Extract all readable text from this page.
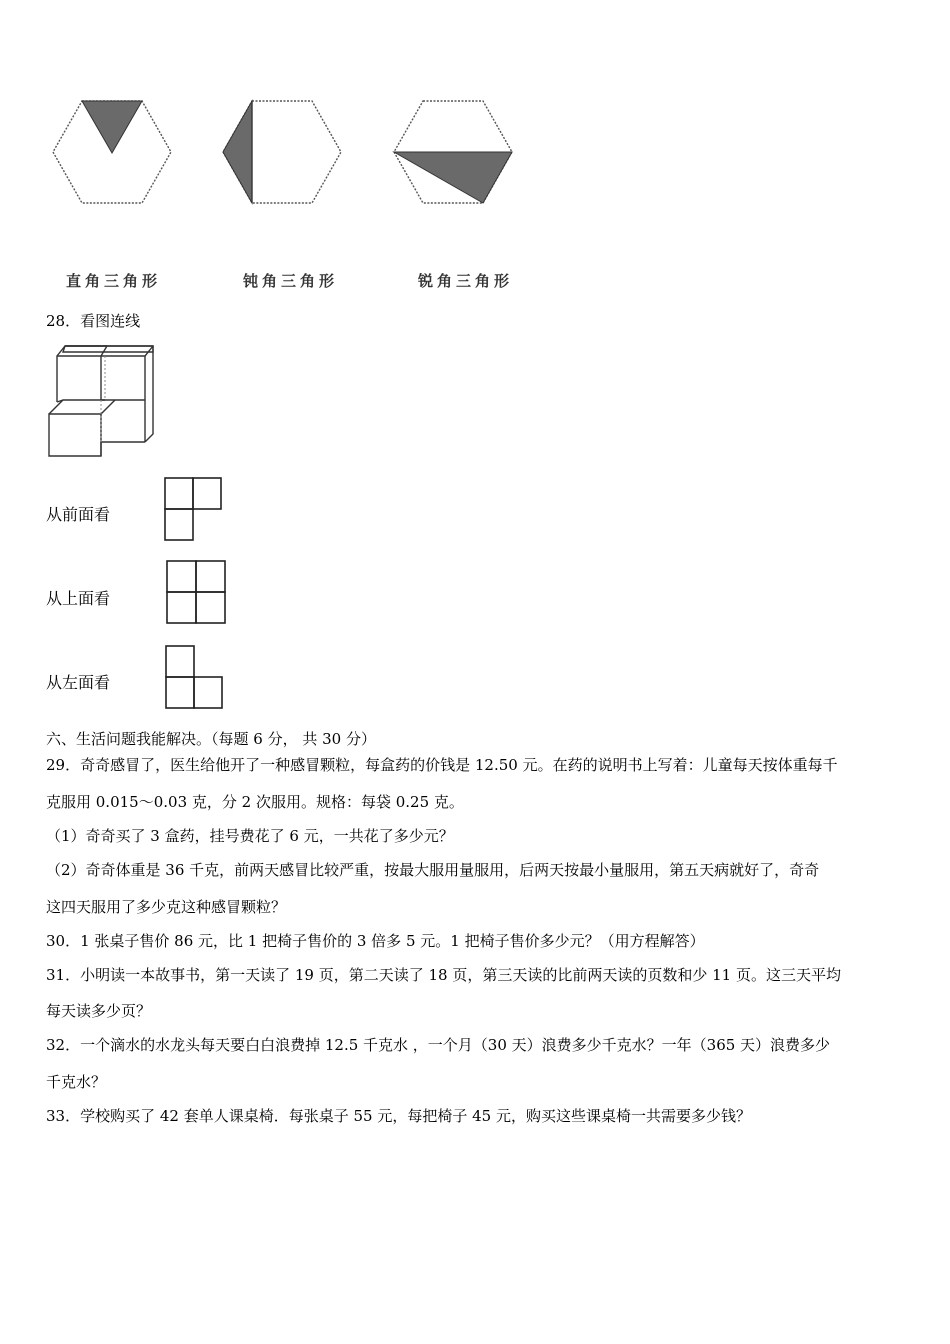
直角三角形	钝角三角形	锐角三角形
28．看图连线
从前面看
从上面看
从左面看
六、生活问题我能解决。（每题 6 分， 共 30 分）
29．奇奇感冒了，医生给他开了一种感冒颗粒，每盒药的价钱是 12.50 元。在药的说明书上写着：儿童每天按体重每千
克服用 0.015～0.03 克，分 2 次服用。规格：每袋 0.25 克。
（1）奇奇买了 3 盒药，挂号费花了 6 元，一共花了多少元？
（2）奇奇体重是 36 千克，前两天感冒比较严重，按最大服用量服用，后两天按最小量服用，第五天病就好了，奇奇
这四天服用了多少克这种感冒颗粒？
30．1 张桌子售价 86 元，比 1 把椅子售价的 3 倍多 5 元。1 把椅子售价多少元？（用方程解答）
31．小明读一本故事书，第一天读了 19 页，第二天读了 18 页，第三天读的比前两天读的页数和少 11 页。这三天平均
每天读多少页？
32．一个滴水的水龙头每天要白白浪费掉 12.5 千克水 ，一个月（30 天）浪费多少千克水？一年（365 天）浪费多少
千克水？
33．学校购买了 42 套单人课桌椅．每张桌子 55 元，每把椅子 45 元，购买这些课桌椅一共需要多少钱？
